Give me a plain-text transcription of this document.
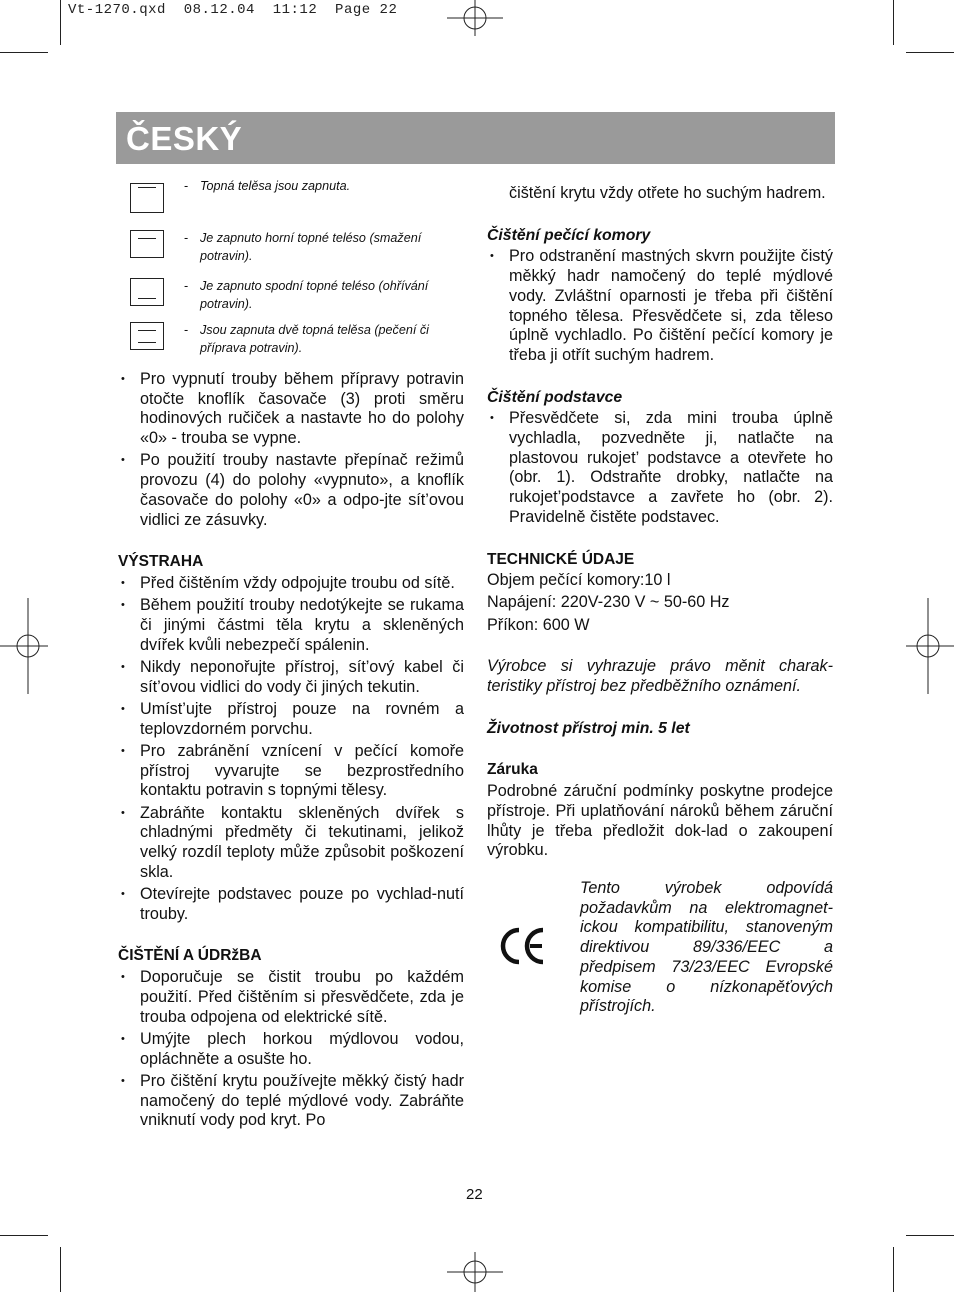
Vt-1270.qxd  08.12.04  11:12  Page 22
ČESKÝ
- Topná telěsa jsou zapnuta.
- Je zapnuto horní topné teléso (smažení potravin).
- Je zapnuto spodní topné teléso (ohřívání potravin).
- Jsou zapnuta dvě topná telěsa (pečení či příprava potravin).
• Pro vypnutí trouby během přípravy potravin otočte knoflík časovače (3) proti směru hodinových ručiček a nastavte ho do polohy «0» - trouba se vypne.
• Po použití trouby nastavte přepínač režimů provozu (4) do polohy «vypnuto», a knoflík časovače do polohy «0» a odpo-jte sít’ovou vidlici ze zásuvky.
VÝSTRAHA
• Před čištěním vždy odpojujte troubu od sítě.
• Během použití trouby nedotýkejte se rukama či jinými částmi těla krytu a skleněných dvířek kvůli nebezpečí spálenin.
• Nikdy neponořujte přístroj, sít’ový kabel či sít’ovou vidlici do vody či jiných tekutin.
• Umíst’ujte přístroj pouze na rovném a teplovzdorném porvchu.
• Pro zabránění vznícení v pečící komoře přístroj vyvarujte se bezprostředního kontaktu potravin s topnými tělesy.
• Zabráňte kontaktu skleněných dvířek s chladnými předměty či tekutinami, jelikož velký rozdíl teploty může způsobit poškození skla.
• Otevírejte podstavec pouze po vychlad-nutí trouby.
ČIŠTĚNÍ A ÚDRžBA
• Doporučuje se čistit troubu po každém použití. Před čištěním si přesvědčete, zda je trouba odpojena od elektrické sítě.
• Umýjte plech horkou mýdlovou vodou, opláchněte a osušte ho.
• Pro čištění krytu používejte měkký čistý hadr namočený do teplé mýdlové vody. Zabráňte vniknutí vody pod kryt. Po
čištění krytu vždy otřete ho suchým hadrem.
Čištění pečící komory
• Pro odstranění mastných skvrn použijte čistý měkký hadr namočený do teplé mýdlové vody. Zvláštní oparnosti je třeba při čištění topného tělesa. Přesvědčete si, zda těleso úplně vychladlo. Po čištění pečící komory je třeba ji otřít suchým hadrem.
Čištění podstavce
• Přesvědčete si, zda mini trouba úplně vychladla, pozvedněte ji, natlačte na plastovou rukojet’ podstavce a otevřete ho (obr. 1). Odstraňte drobky, natlačte na rukojet’podstavce a zavřete ho (obr. 2). Pravidelně čistěte podstavec.
TECHNICKÉ ÚDAJE
Objem pečící komory:10 l
Napájení: 220V-230 V ~ 50-60 Hz
Příkon: 600 W
Výrobce si vyhrazuje právo měnit charak-teristiky přístroj bez předběžního oznámení.
Životnost přístroj min. 5 let
Záruka
Podrobné záruční podmínky poskytne prodejce přístroje. Při uplatňování nároků během záruční lhůty je třeba předložit dok-lad o zakoupení výrobku.
Tento výrobek odpovídá požadavkům na elektromagnet-ickou kompatibilitu, stanoveným direktivou 89/336/EEC a předpisem 73/23/EEC Evropské komise o nízkonapěťových přístrojích.
22
